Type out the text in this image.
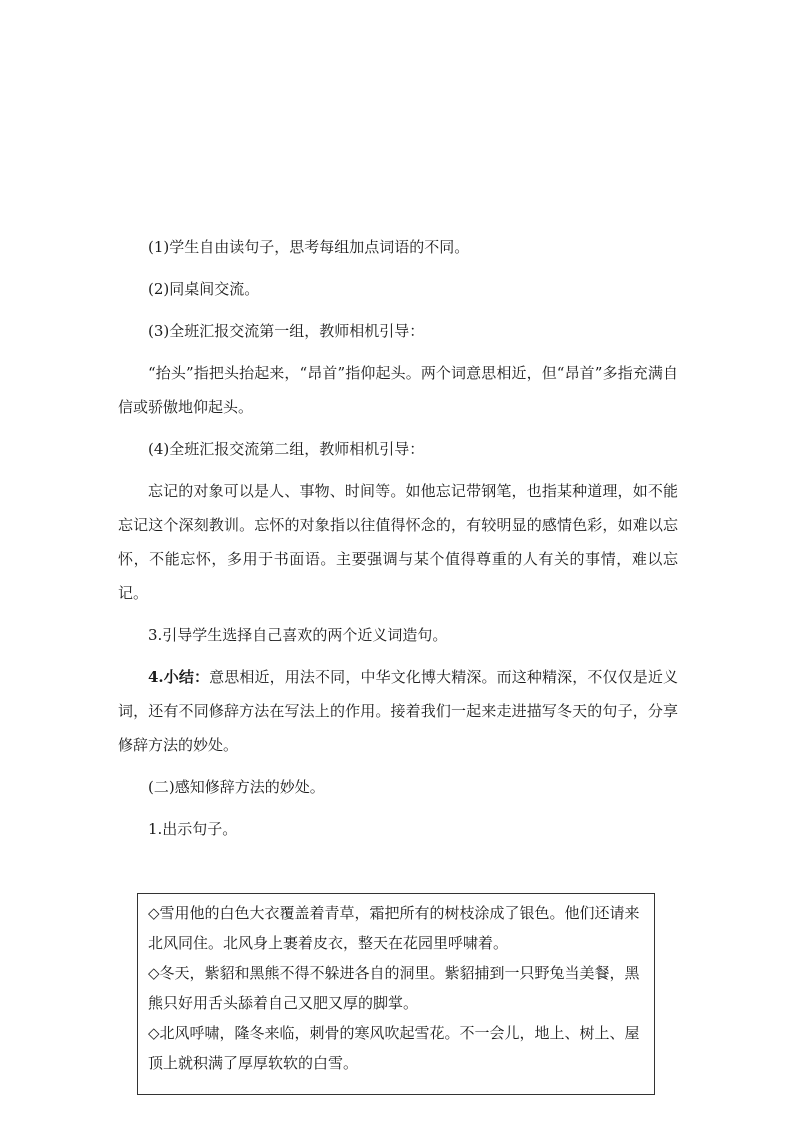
(1)学生自由读句子，思考每组加点词语的不同。

(2)同桌间交流。

(3)全班汇报交流第一组，教师相机引导：

“抬头”指把头抬起来，“昂首”指仰起头。两个词意思相近，但“昂首”多指充满自信或骄傲地仰起头。

(4)全班汇报交流第二组，教师相机引导：

忘记的对象可以是人、事物、时间等。如他忘记带钢笔，也指某种道理，如不能忘记这个深刻教训。忘怀的对象指以往值得怀念的，有较明显的感情色彩，如难以忘怀，不能忘怀，多用于书面语。主要强调与某个值得尊重的人有关的事情，难以忘记。

3.引导学生选择自己喜欢的两个近义词造句。

4.小结：意思相近，用法不同，中华文化博大精深。而这种精深，不仅仅是近义词，还有不同修辞方法在写法上的作用。接着我们一起来走进描写冬天的句子，分享修辞方法的妙处。

(二)感知修辞方法的妙处。

1.出示句子。

◇雪用他的白色大衣覆盖着青草，霜把所有的树枝涂成了银色。他们还请来北风同住。北风身上裹着皮衣，整天在花园里呼啸着。

◇冬天，紫貂和黑熊不得不躲进各自的洞里。紫貂捕到一只野兔当美餐，黑熊只好用舌头舔着自己又肥又厚的脚掌。

◇北风呼啸，隆冬来临，刺骨的寒风吹起雪花。不一会儿，地上、树上、屋顶上就积满了厚厚软软的白雪。
